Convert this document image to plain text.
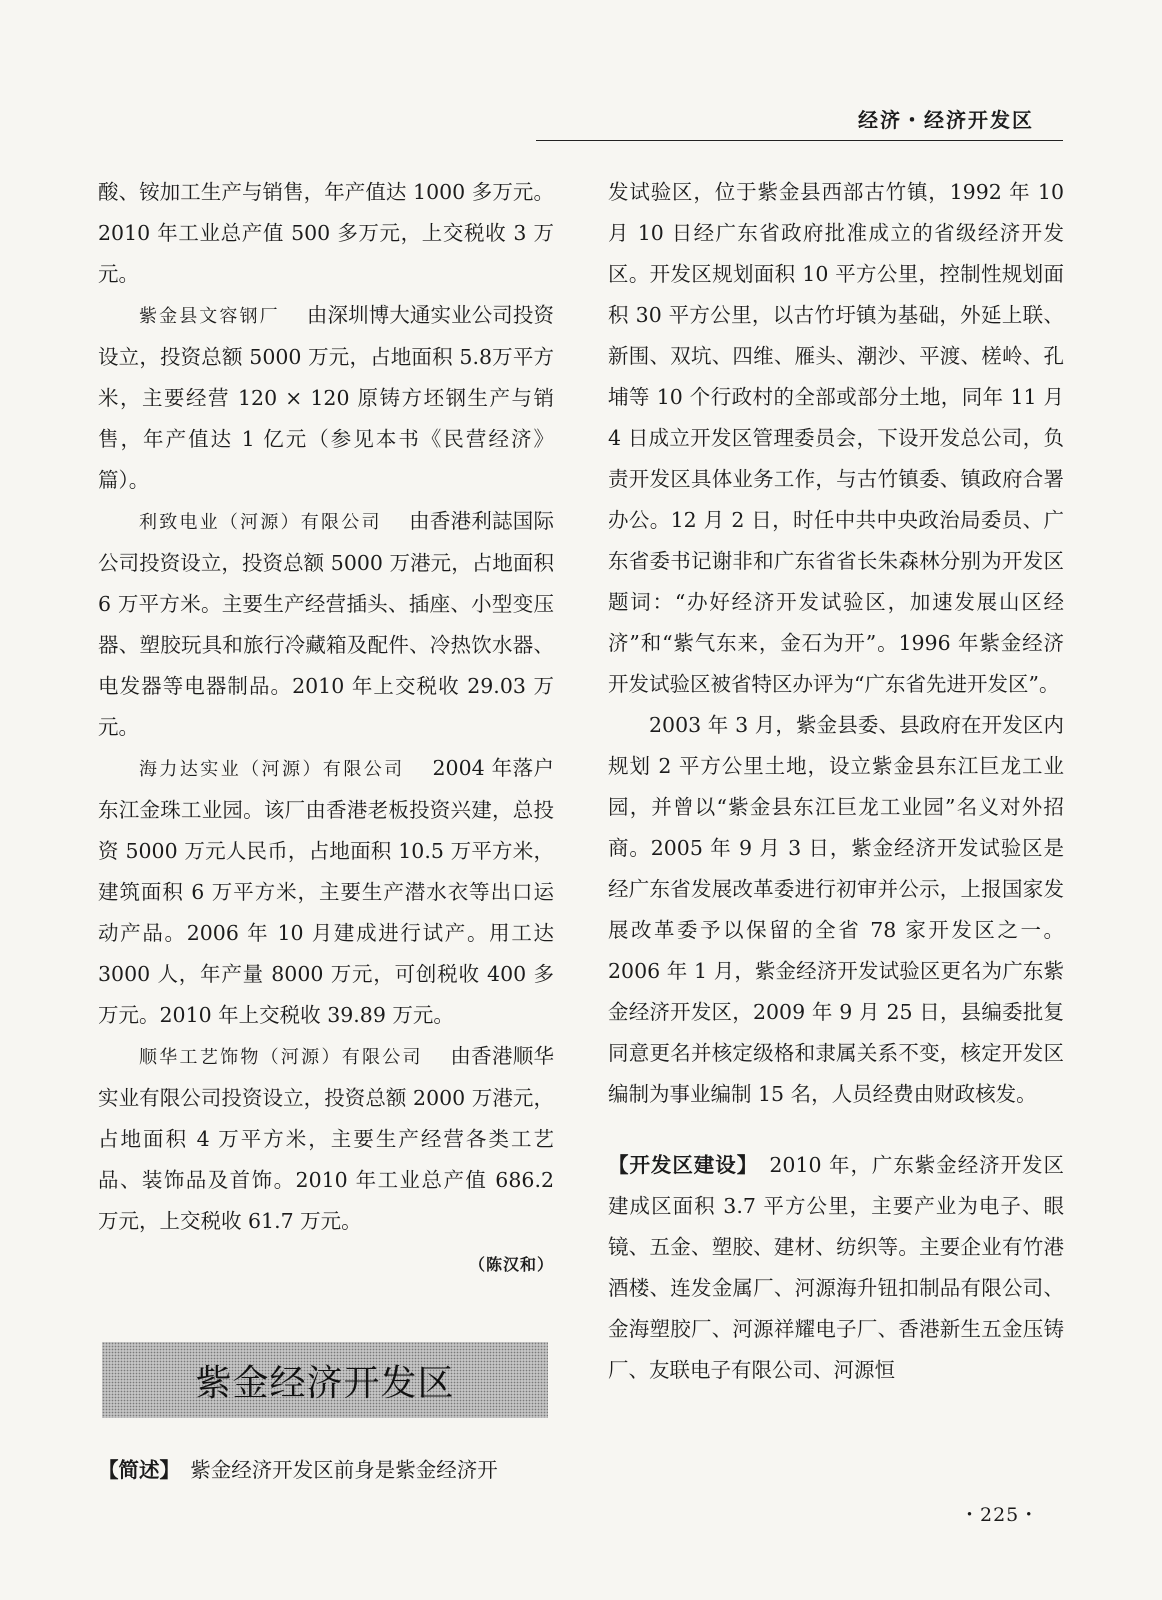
经济・经济开发区

酸、铵加工生产与销售，年产值达 1000 多万元。2010 年工业总产值 500 多万元，上交税收 3 万元。

紫金县文容钢厂　 由深圳博大通实业公司投资设立，投资总额 5000 万元，占地面积 5.8万平方米，主要经营 120 × 120 原铸方坯钢生产与销售，年产值达 1 亿元（参见本书《民营经济》篇）。

利致电业（河源）有限公司　 由香港利誌国际公司投资设立，投资总额 5000 万港元，占地面积 6 万平方米。主要生产经营插头、插座、小型变压器、塑胶玩具和旅行冷藏箱及配件、冷热饮水器、电发器等电器制品。2010 年上交税收 29.03 万元。

海力达实业（河源）有限公司　 2004 年落户东江金珠工业园。该厂由香港老板投资兴建，总投资 5000 万元人民币，占地面积 10.5 万平方米，建筑面积 6 万平方米，主要生产潜水衣等出口运动产品。2006 年 10 月建成进行试产。用工达 3000 人，年产量 8000 万元，可创税收 400 多万元。2010 年上交税收 39.89 万元。

顺华工艺饰物（河源）有限公司　 由香港顺华实业有限公司投资设立，投资总额 2000 万港元，占地面积 4 万平方米，主要生产经营各类工艺品、装饰品及首饰。2010 年工业总产值 686.2 万元，上交税收 61.7 万元。

（陈汉和）

紫金经济开发区

【简述】　 紫金经济开发区前身是紫金经济开

发试验区，位于紫金县西部古竹镇，1992 年 10 月 10 日经广东省政府批准成立的省级经济开发区。开发区规划面积 10 平方公里，控制性规划面积 30 平方公里，以古竹圩镇为基础，外延上联、新围、双坑、四维、雁头、潮沙、平渡、槎岭、孔埔等 10 个行政村的全部或部分土地，同年 11 月 4 日成立开发区管理委员会，下设开发总公司，负责开发区具体业务工作，与古竹镇委、镇政府合署办公。12 月 2 日，时任中共中央政治局委员、广东省委书记谢非和广东省省长朱森林分别为开发区题词：“办好经济开发试验区，加速发展山区经济”和“紫气东来，金石为开”。1996 年紫金经济开发试验区被省特区办评为“广东省先进开发区”。

2003 年 3 月，紫金县委、县政府在开发区内规划 2 平方公里土地，设立紫金县东江巨龙工业园，并曾以“紫金县东江巨龙工业园”名义对外招商。2005 年 9 月 3 日，紫金经济开发试验区是经广东省发展改革委进行初审并公示，上报国家发展改革委予以保留的全省 78 家开发区之一。2006 年 1 月，紫金经济开发试验区更名为广东紫金经济开发区，2009 年 9 月 25 日，县编委批复同意更名并核定级格和隶属关系不变，核定开发区编制为事业编制 15 名，人员经费由财政核发。

【开发区建设】　 2010 年，广东紫金经济开发区建成区面积 3.7 平方公里，主要产业为电子、眼镜、五金、塑胶、建材、纺织等。主要企业有竹港酒楼、连发金属厂、河源海升钮扣制品有限公司、金海塑胶厂、河源祥耀电子厂、香港新生五金压铸厂、友联电子有限公司、河源恒

・225・
